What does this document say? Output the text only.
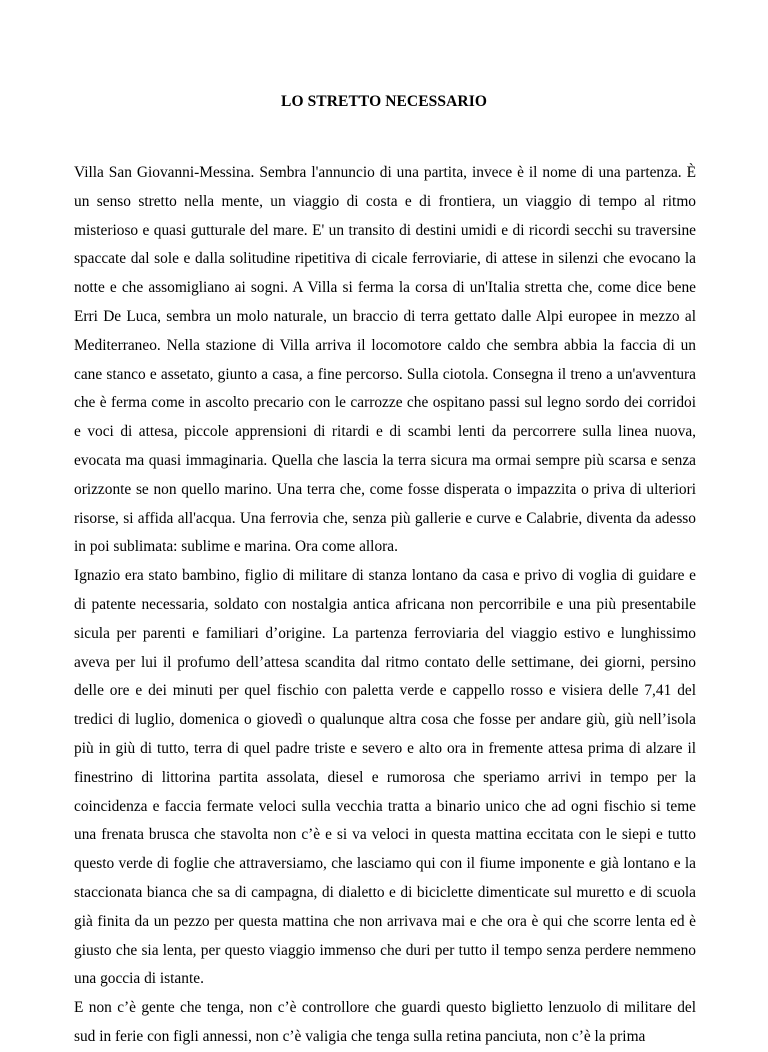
LO STRETTO NECESSARIO

Villa San Giovanni-Messina. Sembra l'annuncio di una partita, invece è il nome di una partenza. È un senso stretto nella mente, un viaggio di costa e di frontiera, un viaggio di tempo al ritmo misterioso e quasi gutturale del mare. E' un transito di destini umidi e di ricordi secchi su traversine spaccate dal sole e dalla solitudine ripetitiva di cicale ferroviarie, di attese in silenzi che evocano la notte e che assomigliano ai sogni. A Villa si ferma la corsa di un'Italia stretta che, come dice bene Erri De Luca, sembra un molo naturale, un braccio di terra gettato dalle Alpi europee in mezzo al Mediterraneo. Nella stazione di Villa arriva il locomotore caldo che sembra abbia la faccia di un cane stanco e assetato, giunto a casa, a fine percorso. Sulla ciotola. Consegna il treno a un'avventura che è ferma come in ascolto precario con le carrozze che ospitano passi sul legno sordo dei corridoi e voci di attesa, piccole apprensioni di ritardi e di scambi lenti da percorrere sulla linea nuova, evocata ma quasi immaginaria. Quella che lascia la terra sicura ma ormai sempre più scarsa e senza orizzonte se non quello marino. Una terra che, come fosse disperata o impazzita o priva di ulteriori risorse, si affida all'acqua. Una ferrovia che, senza più gallerie e curve e Calabrie, diventa da adesso in poi sublimata: sublime e marina. Ora come allora.

Ignazio era stato bambino, figlio di militare di stanza lontano da casa e privo di voglia di guidare e di patente necessaria, soldato con nostalgia antica africana non percorribile e una più presentabile sicula per parenti e familiari d’origine. La partenza ferroviaria del viaggio estivo e lunghissimo aveva per lui il profumo dell’attesa scandita dal ritmo contato delle settimane, dei giorni, persino delle ore e dei minuti per quel fischio con paletta verde e cappello rosso e visiera delle 7,41 del tredici di luglio, domenica o giovedì o qualunque altra cosa che fosse per andare giù, giù nell’isola più in giù di tutto, terra di quel padre triste e severo e alto ora in fremente attesa prima di alzare il finestrino di littorina partita assolata, diesel e rumorosa che speriamo arrivi in tempo per la coincidenza e faccia fermate veloci sulla vecchia tratta a binario unico che ad ogni fischio si teme una frenata brusca che stavolta non c’è e si va veloci in questa mattina eccitata con le siepi e tutto questo verde di foglie che attraversiamo, che lasciamo qui con il fiume imponente e già lontano e la staccionata bianca che sa di campagna, di dialetto e di biciclette dimenticate sul muretto e di scuola già finita da un pezzo per questa mattina che non arrivava mai e che ora è qui che scorre lenta ed è giusto che sia lenta, per questo viaggio immenso che duri per tutto il tempo senza perdere nemmeno una goccia di istante.

E non c’è gente che tenga, non c’è controllore che guardi questo biglietto lenzuolo di militare del sud in ferie con figli annessi, non c’è valigia che tenga sulla retina panciuta, non c’è la prima
